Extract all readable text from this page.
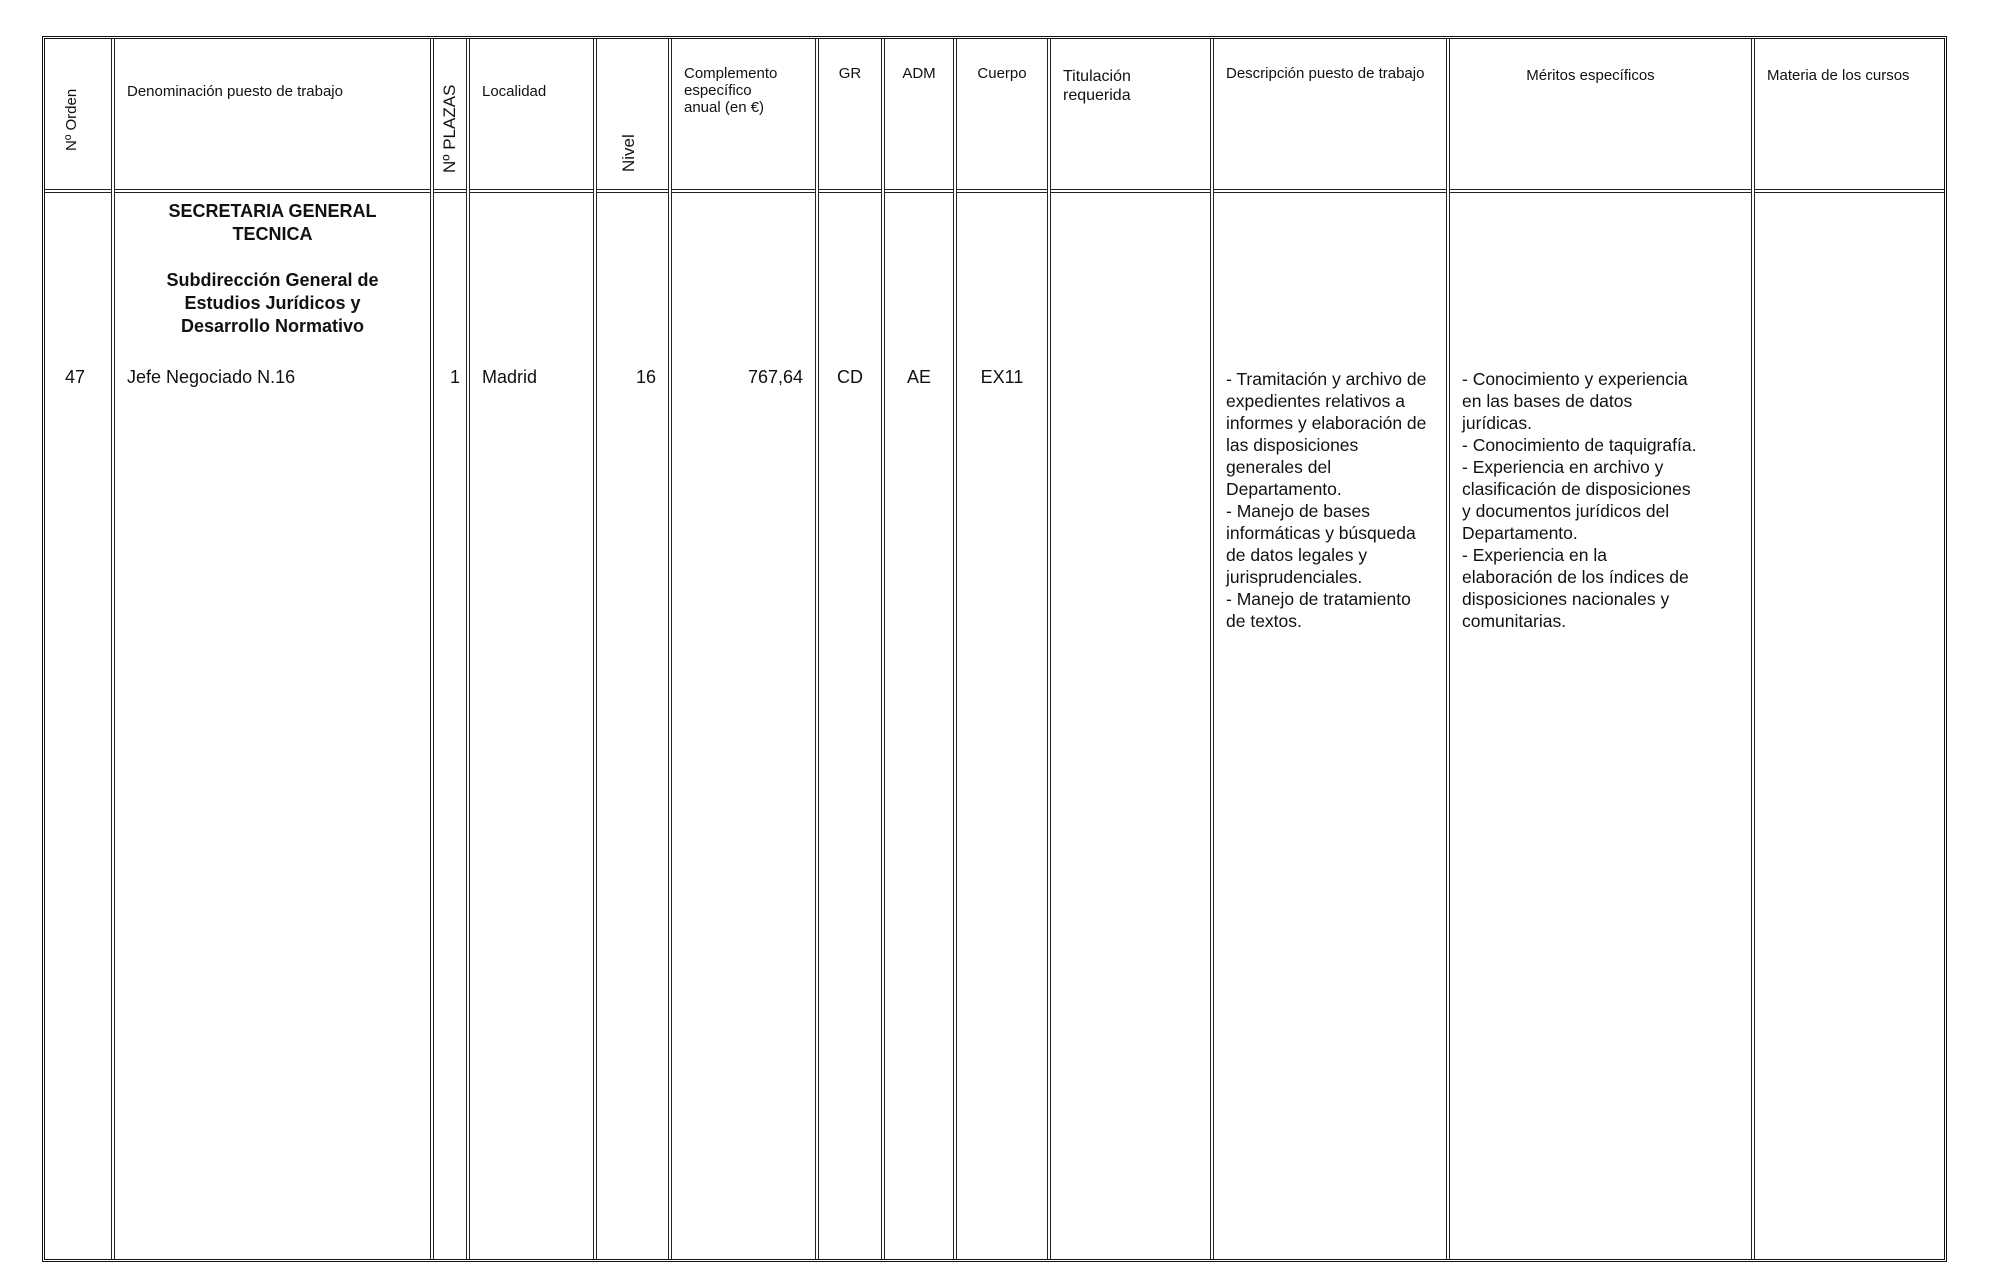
Nº Orden
47
Denominación puesto de trabajo
SECRETARIA GENERAL
TECNICA
Subdirección General de
Estudios Jurídicos y
Desarrollo Normativo
Jefe Negociado N.16
Nº PLAZAS
1
Localidad
Madrid
Nivel
16
Complemento
específico
anual (en €)
767,64
GR
CD
ADM
AE
Cuerpo
EX11
Titulación
requerida
Descripción puesto de trabajo
- Tramitación y archivo de
expedientes relativos a
informes y elaboración de
las disposiciones
generales del
Departamento.
- Manejo de bases
informáticas y búsqueda
de datos legales y
jurisprudenciales.
- Manejo de tratamiento
de textos.
Méritos específicos
- Conocimiento y experiencia
en las bases de datos
jurídicas.
- Conocimiento de taquigrafía.
- Experiencia en archivo y
clasificación de disposiciones
y documentos jurídicos del
Departamento.
- Experiencia en la
elaboración de los índices de
disposiciones nacionales y
comunitarias.
Materia de los cursos
